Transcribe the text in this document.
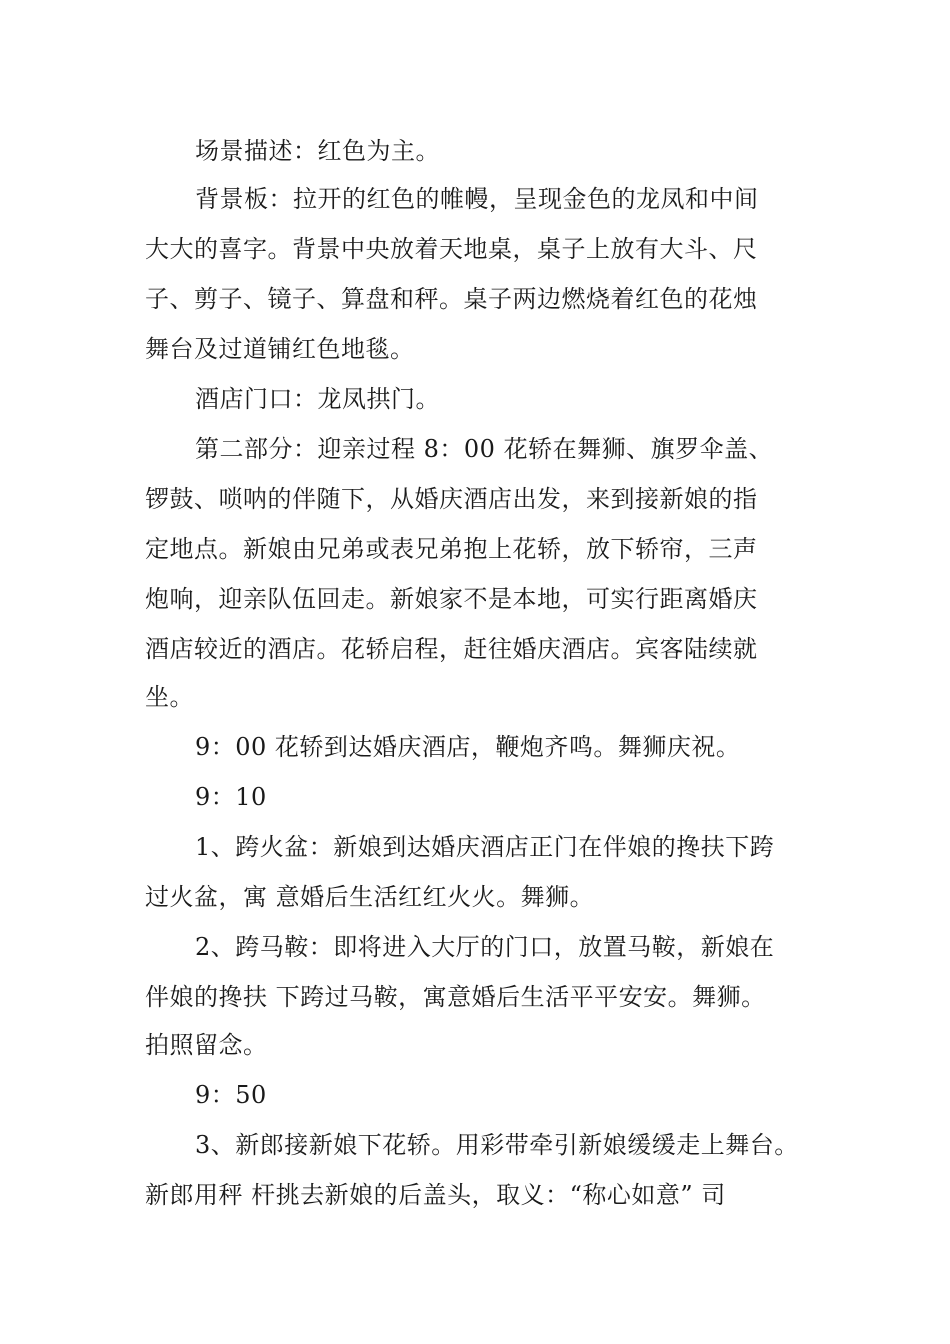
场景描述：红色为主。
背景板：拉开的红色的帷幔，呈现金色的龙凤和中间
大大的喜字。背景中央放着天地桌，桌子上放有大斗、尺
子、剪子、镜子、算盘和秤。桌子两边燃烧着红色的花烛
舞台及过道铺红色地毯。
酒店门口：龙凤拱门。
第二部分：迎亲过程 8：00 花轿在舞狮、旗罗伞盖、
锣鼓、唢呐的伴随下，从婚庆酒店出发，来到接新娘的指
定地点。新娘由兄弟或表兄弟抱上花轿，放下轿帘，三声
炮响，迎亲队伍回走。新娘家不是本地，可实行距离婚庆
酒店较近的酒店。花轿启程，赶往婚庆酒店。宾客陆续就
坐。
9：00 花轿到达婚庆酒店，鞭炮齐鸣。舞狮庆祝。
9：10
1、跨火盆：新娘到达婚庆酒店正门在伴娘的搀扶下跨
过火盆，寓 意婚后生活红红火火。舞狮。
2、跨马鞍：即将进入大厅的门口，放置马鞍，新娘在
伴娘的搀扶 下跨过马鞍，寓意婚后生活平平安安。舞狮。
拍照留念。
9：50
3、新郎接新娘下花轿。用彩带牵引新娘缓缓走上舞台。
新郎用秤 杆挑去新娘的后盖头，取义：“称心如意” 司
